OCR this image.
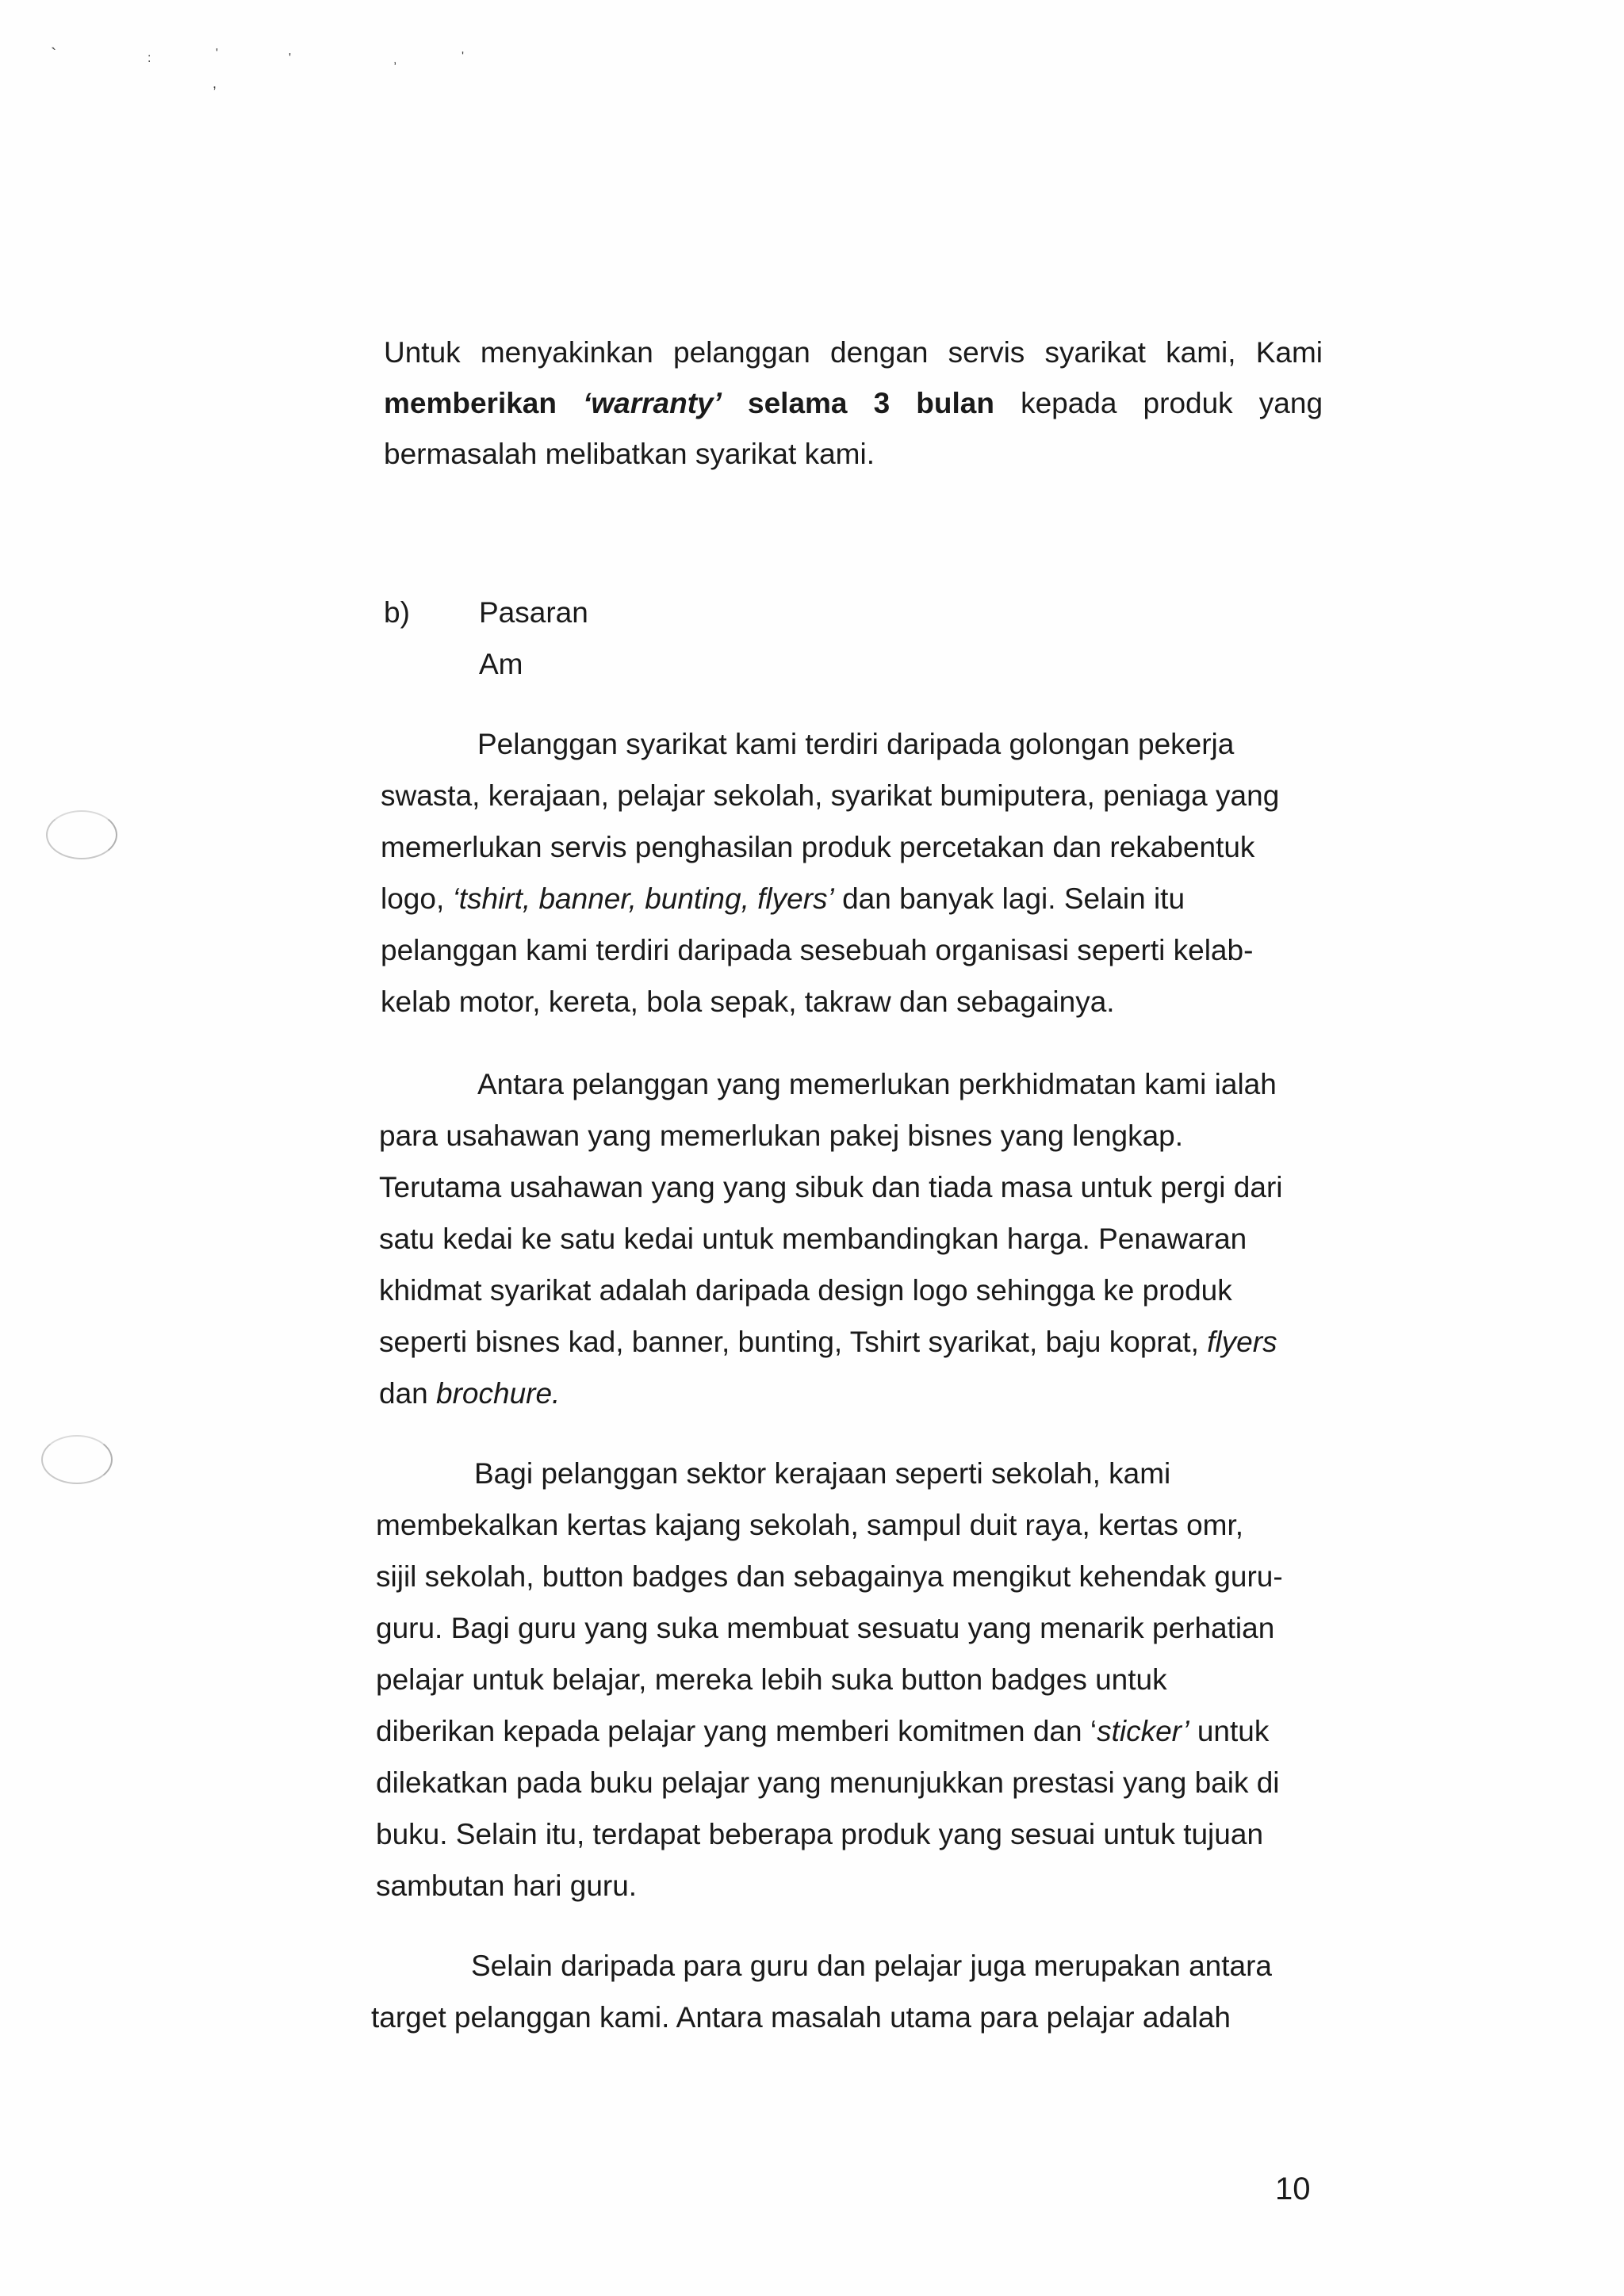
`	:	'
,
'	,	'

Untuk menyakinkan pelanggan dengan servis syarikat kami, Kami

memberikan ‘warranty’ selama 3 bulan kepada produk yang

bermasalah melibatkan syarikat kami.

b) Pasaran
Am

Pelanggan syarikat kami terdiri daripada golongan pekerja

swasta, kerajaan, pelajar sekolah, syarikat bumiputera, peniaga yang

memerlukan servis penghasilan produk percetakan dan rekabentuk

logo, ‘tshirt, banner, bunting, flyers’ dan banyak lagi. Selain itu

pelanggan kami terdiri daripada sesebuah organisasi seperti kelab-

kelab motor, kereta, bola sepak, takraw dan sebagainya.

Antara pelanggan yang memerlukan perkhidmatan kami ialah

para usahawan yang memerlukan pakej bisnes yang lengkap.

Terutama usahawan yang yang sibuk dan tiada masa untuk pergi dari

satu kedai ke satu kedai untuk membandingkan harga. Penawaran

khidmat syarikat adalah daripada design logo sehingga ke produk

seperti bisnes kad, banner, bunting, Tshirt syarikat, baju koprat, flyers

dan brochure.

Bagi pelanggan sektor kerajaan seperti sekolah, kami

membekalkan kertas kajang sekolah, sampul duit raya, kertas omr,

sijil sekolah, button badges dan sebagainya mengikut kehendak guru-

guru. Bagi guru yang suka membuat sesuatu yang menarik perhatian

pelajar untuk belajar, mereka lebih suka button badges untuk

diberikan kepada pelajar yang memberi komitmen dan ‘sticker’ untuk

dilekatkan pada buku pelajar yang menunjukkan prestasi yang baik di

buku. Selain itu, terdapat beberapa produk yang sesuai untuk tujuan

sambutan hari guru.

Selain daripada para guru dan pelajar juga merupakan antara

target pelanggan kami. Antara masalah utama para pelajar adalah

10
